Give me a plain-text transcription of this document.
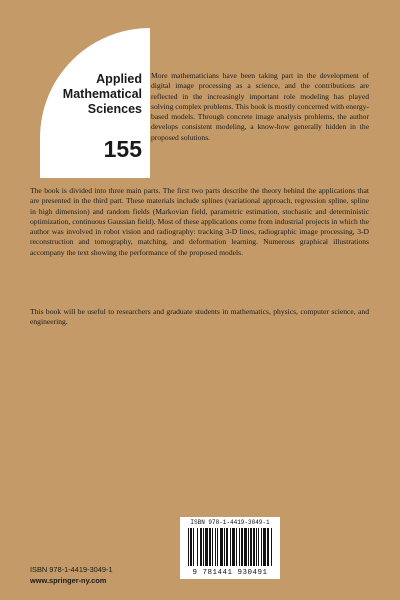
Applied
Mathematical
Sciences
155

More mathematicians have been taking part in the development of digital image processing as a science, and the contributions are reflected in the increasingly important role modeling has played solving complex problems. This book is mostly concerned with energy-based models. Through concrete image analysis problems, the author develops consistent modeling, a know-how generally hidden in the proposed solutions.

The book is divided into three main parts. The first two parts describe the theory behind the applications that are presented in the third part. These materials include splines (variational approach, regression spline, spline in high dimension) and random fields (Markovian field, parametric estimation, stochastic and deterministic optimization, continuous Gaussian field). Most of these applications come from industrial projects in which the author was involved in robot vision and radiography: tracking 3-D lines, radiographic image processing, 3-D reconstruction and tomography, matching, and deformation learning. Numerous graphical illustrations accompany the text showing the performance of the proposed models.

This book will be useful to researchers and graduate students in mathematics, physics, computer science, and engineering.

ISBN 978-1-4419-3049-1
9 781441 930491
ISBN 978-1-4419-3049-1
www.springer-ny.com
